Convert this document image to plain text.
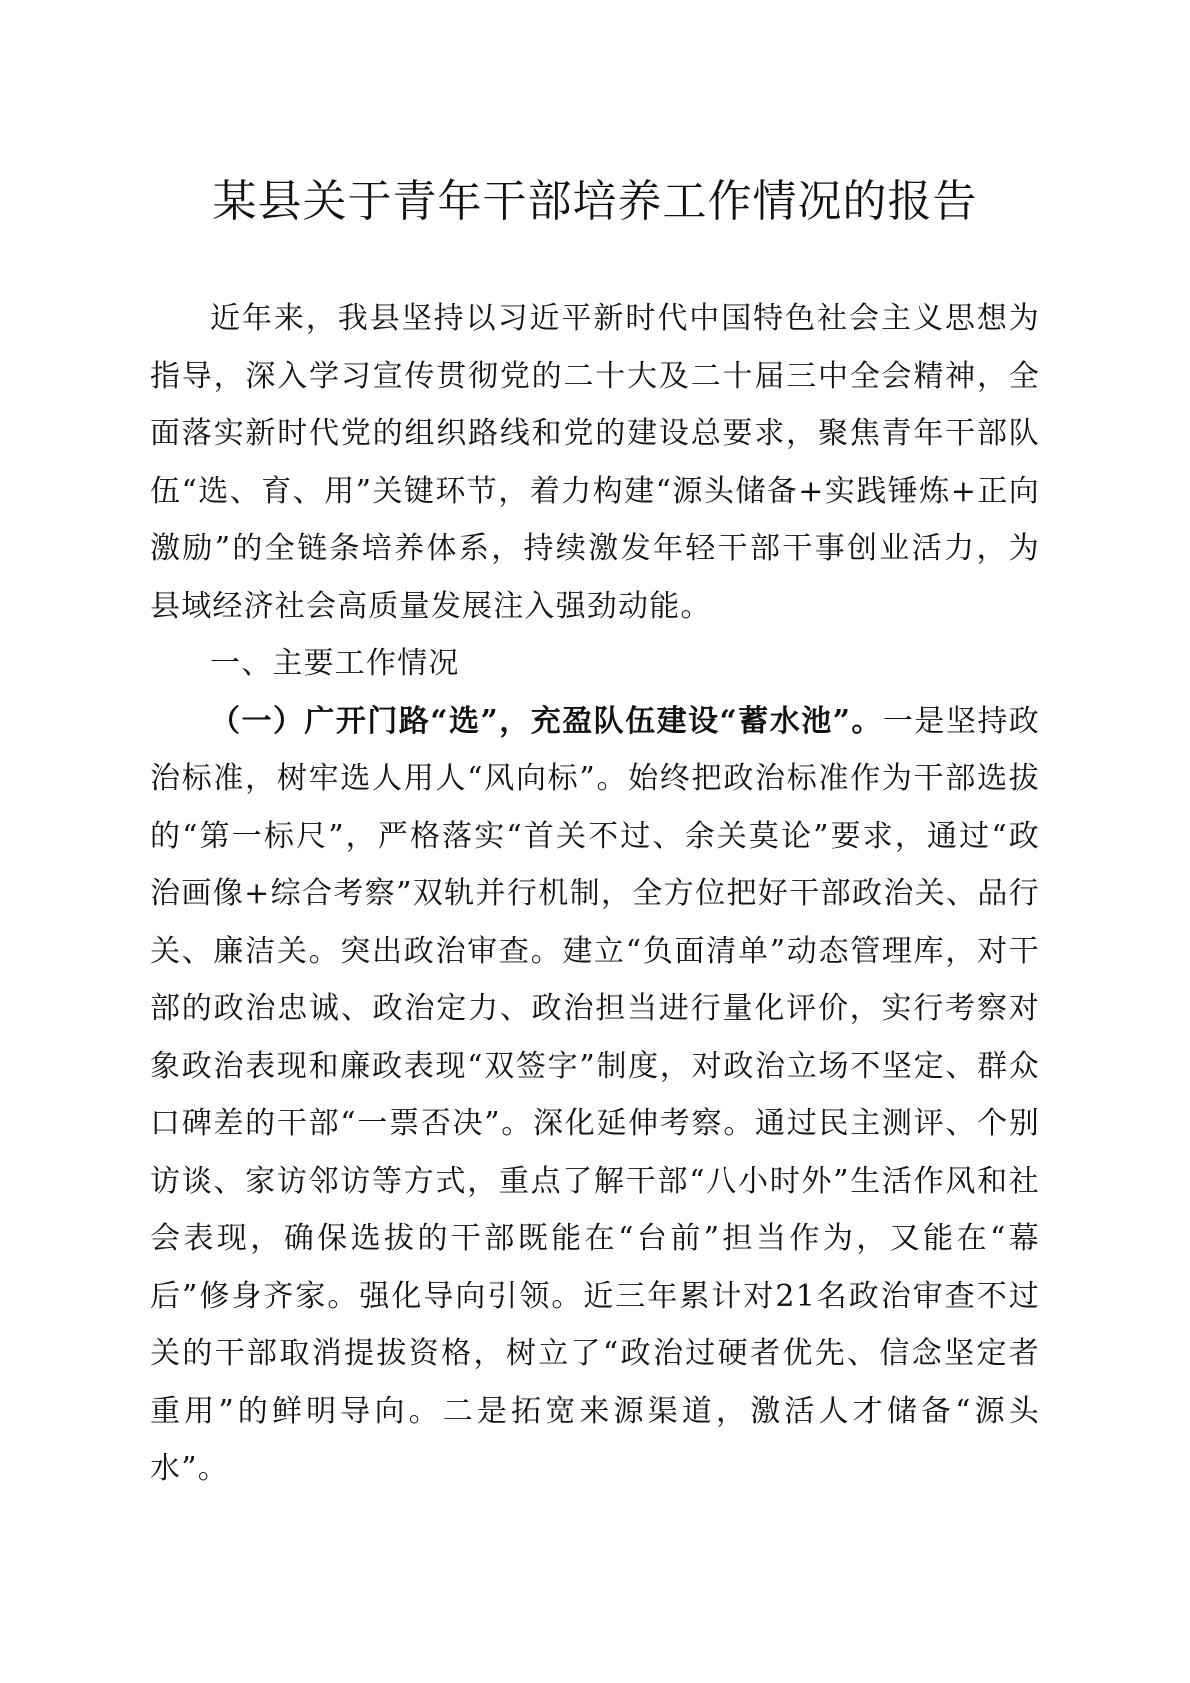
某县关于青年干部培养工作情况的报告

近年来，我县坚持以习近平新时代中国特色社会主义思想为指导，深入学习宣传贯彻党的二十大及二十届三中全会精神，全面落实新时代党的组织路线和党的建设总要求，聚焦青年干部队伍“选、育、用”关键环节，着力构建“源头储备+实践锤炼+正向激励”的全链条培养体系，持续激发年轻干部干事创业活力，为县域经济社会高质量发展注入强劲动能。

一、主要工作情况

（一）广开门路“选”，充盈队伍建设“蓄水池”。一是坚持政治标准，树牢选人用人“风向标”。始终把政治标准作为干部选拔的“第一标尺”，严格落实“首关不过、余关莫论”要求，通过“政治画像+综合考察”双轨并行机制，全方位把好干部政治关、品行关、廉洁关。突出政治审查。建立“负面清单”动态管理库，对干部的政治忠诚、政治定力、政治担当进行量化评价，实行考察对象政治表现和廉政表现“双签字”制度，对政治立场不坚定、群众口碑差的干部“一票否决”。深化延伸考察。通过民主测评、个别访谈、家访邻访等方式，重点了解干部“八小时外”生活作风和社会表现，确保选拔的干部既能在“台前”担当作为，又能在“幕后”修身齐家。强化导向引领。近三年累计对21名政治审查不过关的干部取消提拔资格，树立了“政治过硬者优先、信念坚定者重用”的鲜明导向。二是拓宽来源渠道，激活人才储备“源头水”。
